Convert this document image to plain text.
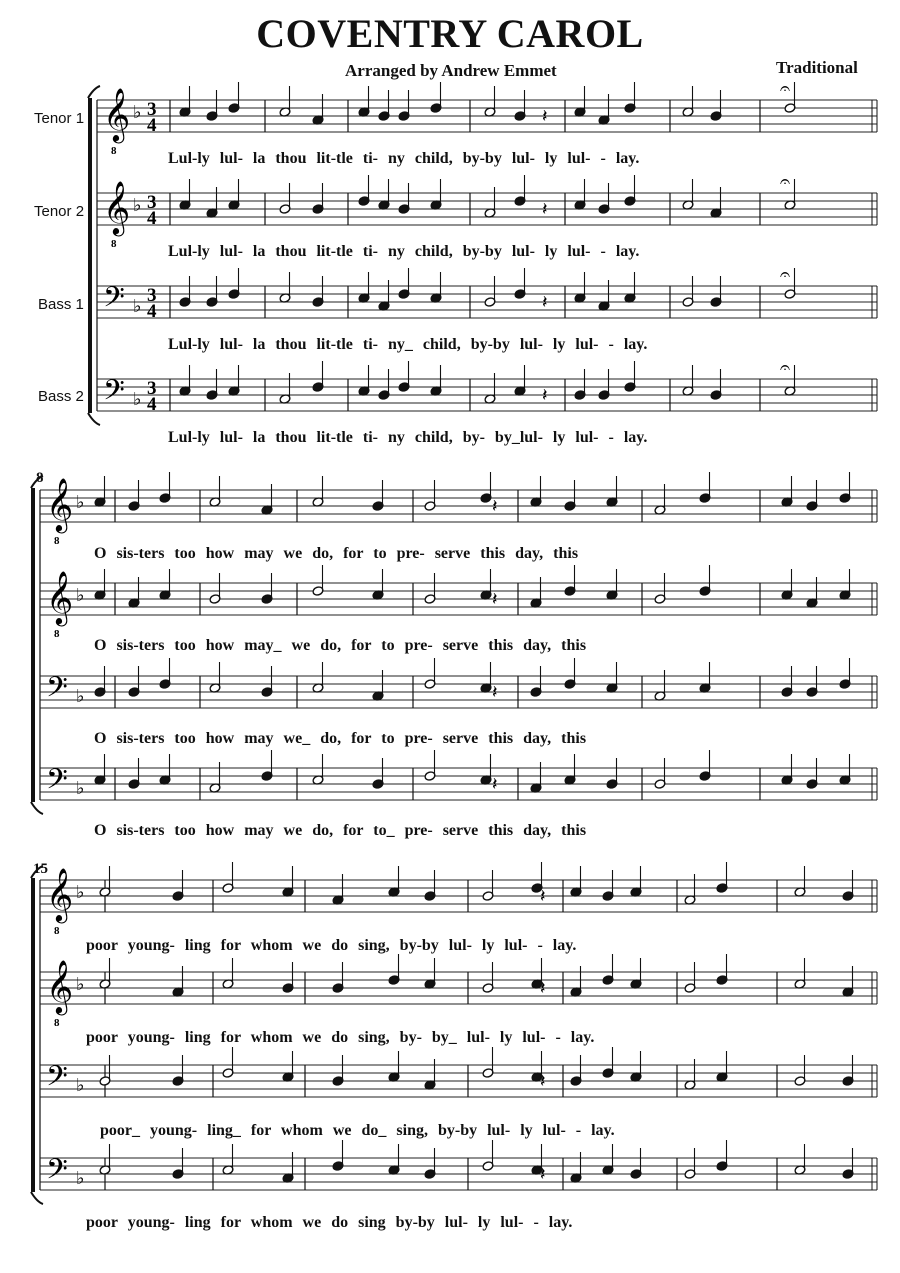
COVENTRY CAROL
Arranged by Andrew Emmet	Traditional
Tenor 1
Tenor 2
Bass 1
Bass 2
8
15
Lul-ly lul- la thou lit-tle ti- ny child, by-by lul- ly lul- - lay.
Lul-ly lul- la thou lit-tle ti- ny child, by-by lul- ly lul- - lay.
Lul-ly lul- la thou lit-tle ti- ny_ child, by-by lul- ly lul- - lay.
Lul-ly lul- la thou lit-tle ti- ny child, by- by_lul- ly lul- - lay.
O sis-ters too how may we do, for to pre- serve this day, this
O sis-ters too how may_ we do, for to pre- serve this day, this
O sis-ters too how may we_ do, for to pre- serve this day, this
O sis-ters too how may we do, for to_ pre- serve this day, this
poor young- ling for whom we do sing, by-by lul- ly lul- - lay.
poor young- ling for whom we do sing, by- by_ lul- ly lul- - lay.
poor_ young- ling_ for whom we do_ sing, by-by lul- ly lul- - lay.
poor young- ling for whom we do sing by-by lul- ly lul- - lay.
𝄞
8
♭ 3
4	𝄽
𝄐
𝄞
8
♭ 3
4	𝄽
𝄐
𝄢 ♭
3
4	𝄽
𝄐
𝄢 ♭
3
4	𝄽
𝄐
𝄞
8
♭	𝄽
𝄞
8
♭	𝄽
𝄢 ♭	𝄽
𝄢 ♭	𝄽
𝄞
8
♭	𝄽
𝄞
8
♭	𝄽
𝄢 ♭	𝄽
𝄢 ♭	𝄽
